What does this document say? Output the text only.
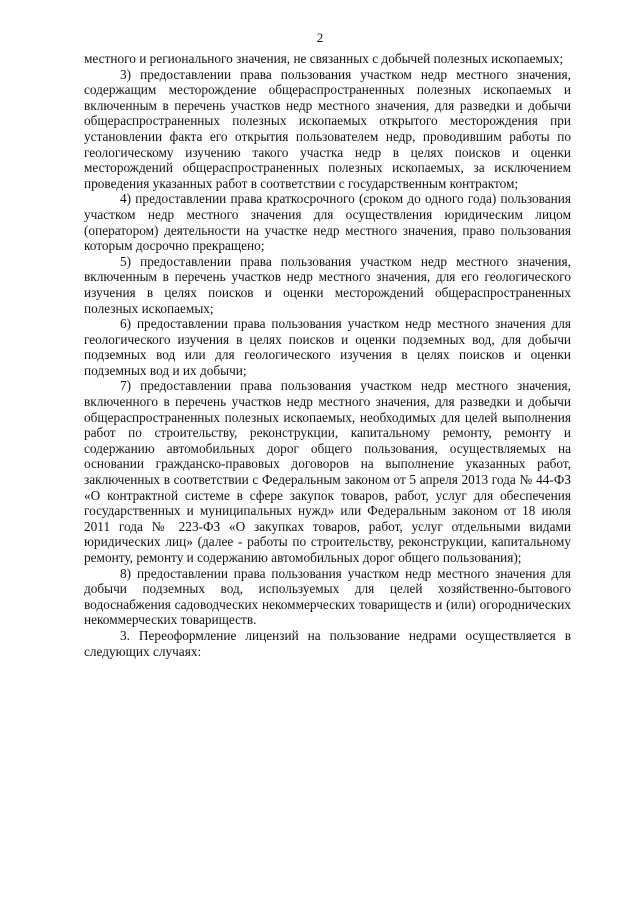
2

местного и регионального значения, не связанных с добычей полезных ископаемых;

3) предоставлении права пользования участком недр местного значения, содержащим месторождение общераспространенных полезных ископаемых и включенным в перечень участков недр местного значения, для разведки и добычи общераспространенных полезных ископаемых открытого месторождения при установлении факта его открытия пользователем недр, проводившим работы по геологическому изучению такого участка недр в целях поисков и оценки месторождений общераспространенных полезных ископаемых, за исключением проведения указанных работ в соответствии с государственным контрактом;

4) предоставлении права краткосрочного (сроком до одного года) пользования участком недр местного значения для осуществления юридическим лицом (оператором) деятельности на участке недр местного значения, право пользования которым досрочно прекращено;

5) предоставлении права пользования участком недр местного значения, включенным в перечень участков недр местного значения, для его геологического изучения в целях поисков и оценки месторождений общераспространенных полезных ископаемых;

6) предоставлении права пользования участком недр местного значения для геологического изучения в целях поисков и оценки подземных вод, для добычи подземных вод или для геологического изучения в целях поисков и оценки подземных вод и их добычи;

7) предоставлении права пользования участком недр местного значения, включенного в перечень участков недр местного значения, для разведки и добычи общераспространенных полезных ископаемых, необходимых для целей выполнения работ по строительству, реконструкции, капитальному ремонту, ремонту и содержанию автомобильных дорог общего пользования, осуществляемых на основании гражданско-правовых договоров на выполнение указанных работ, заключенных в соответствии с Федеральным законом от 5 апреля 2013 года № 44-ФЗ «О контрактной системе в сфере закупок товаров, работ, услуг для обеспечения государственных и муниципальных нужд» или Федеральным законом от 18 июля 2011 года № 223-ФЗ «О закупках товаров, работ, услуг отдельными видами юридических лиц» (далее - работы по строительству, реконструкции, капитальному ремонту, ремонту и содержанию автомобильных дорог общего пользования);

8) предоставлении права пользования участком недр местного значения для добычи подземных вод, используемых для целей хозяйственно-бытового водоснабжения садоводческих некоммерческих товариществ и (или) огороднических некоммерческих товариществ.

3. Переоформление лицензий на пользование недрами осуществляется в следующих случаях:
